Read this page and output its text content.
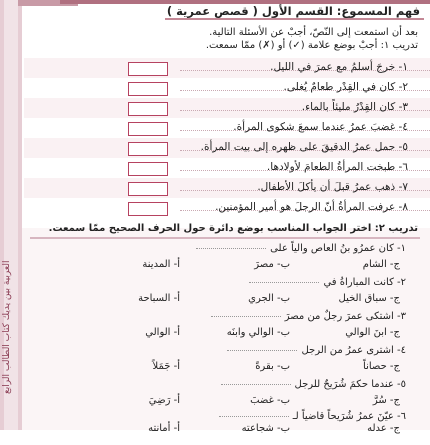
العربية بين يديك كتاب الطالب الرابع
فهم المسموع: القسم الأول ( قصص عمرية )
بعد أن استمعت إلى النّصّ، أجبْ عن الأسئلة التالية.
تدريب ١: أجبْ بوضع علامة (✓) أو (✗) ممّا سمعت.
١- خرجَ أسلمُ مع عمرَ في الليل.
٢- كان في القِدْر طعامٌ يُغلى.
٣- كان القِدْرُ مليئاً بالماء.
٤- غضبَ عمرُ عندما سمعَ شكوى المرأة.
٥- حمل عمرُ الدقيقَ على ظهره إلى بيت المرأة.
٦- طبخت المرأةُ الطعامَ لأولادها.
٧- ذهب عمرُ قبلَ أن يأكلَ الأطفال.
٨- عرفت المرأةُ أنّ الرجلَ هو أمير المؤمنين.
تدريب ٢: اختر الجواب المناسب بوضع دائرة حول الحرف الصحيح ممّا سمعت.
١- كان عمرُو بنُ العاص والياً على
أ- المدينة	ب- مصرَ	ج- الشام
٢- كانت المباراةُ في
أ- السباحة	ب- الجري	ج- سباق الخيل
٣- اشتكى عمرَ رجلٌ من مصرَ
أ- الوالي	ب- الوالي وابنَه	ج- ابنَ الوالي
٤- اشترى عمرُ من الرجل
أ- جَمَلاً	ب- بقرةً	ج- حصاناً
٥- عندما حكمَ شُرَيحٌ للرجل
أ- رَضِيَ	ب- غضبَ	ج- سُرَّ
٦- عيّنَ عمرُ شُرَيحاً قاضياً لـ
أ- أمانته	ب- شجاعته	ج- عدله
